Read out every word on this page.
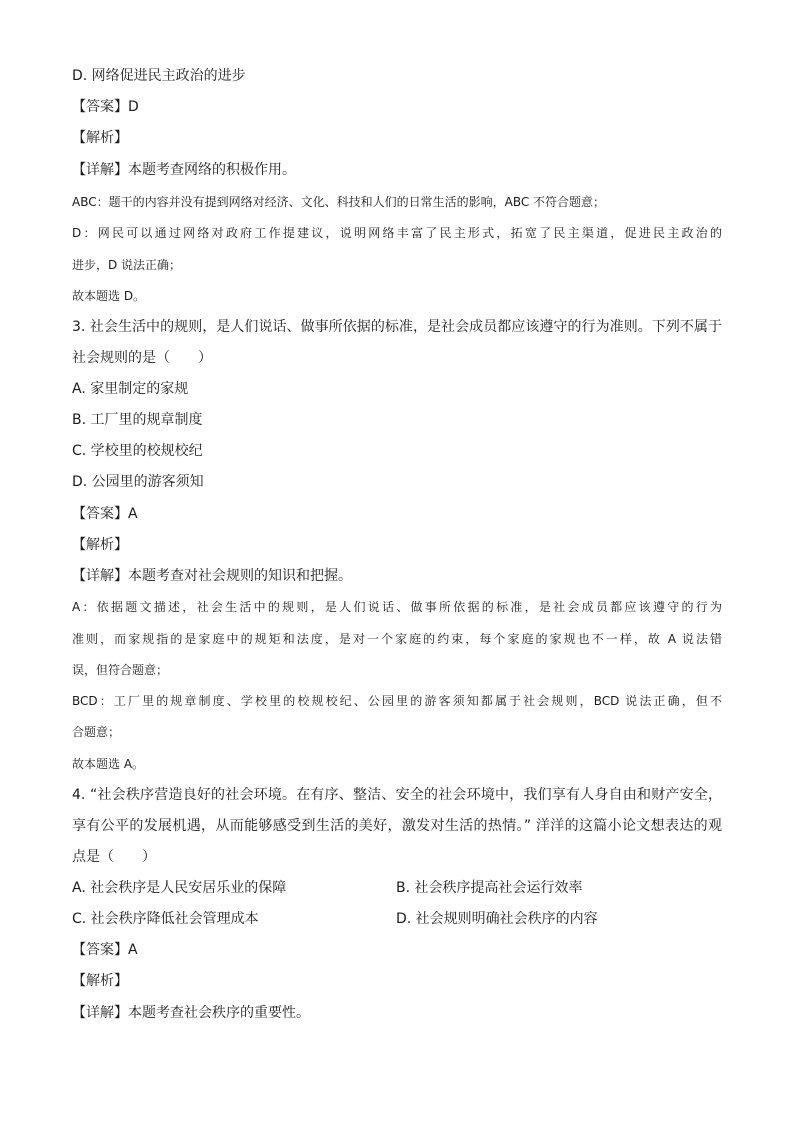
D. 网络促进民主政治的进步
【答案】D
【解析】
【详解】本题考查网络的积极作用。
ABC：题干的内容并没有提到网络对经济、文化、科技和人们的日常生活的影响，ABC 不符合题意；
D：网民可以通过网络对政府工作提建议，说明网络丰富了民主形式，拓宽了民主渠道，促进民主政治的
进步，D 说法正确；
故本题选 D。
3. 社会生活中的规则，是人们说话、做事所依据的标准，是社会成员都应该遵守的行为准则。下列不属于
社会规则的是（　　）
A. 家里制定的家规
B. 工厂里的规章制度
C. 学校里的校规校纪
D. 公园里的游客须知
【答案】A
【解析】
【详解】本题考查对社会规则的知识和把握。
A：依据题文描述，社会生活中的规则，是人们说话、做事所依据的标准，是社会成员都应该遵守的行为
准则，而家规指的是家庭中的规矩和法度，是对一个家庭的约束，每个家庭的家规也不一样，故 A 说法错
误，但符合题意；
BCD：工厂里的规章制度、学校里的校规校纪、公园里的游客须知都属于社会规则，BCD 说法正确，但不
合题意；
故本题选 A。
4. “社会秩序营造良好的社会环境。在有序、整洁、安全的社会环境中，我们享有人身自由和财产安全，
享有公平的发展机遇，从而能够感受到生活的美好，激发对生活的热情。” 洋洋的这篇小论文想表达的观
点是（　　）
A. 社会秩序是人民安居乐业的保障	B. 社会秩序提高社会运行效率
C. 社会秩序降低社会管理成本	D. 社会规则明确社会秩序的内容
【答案】A
【解析】
【详解】本题考查社会秩序的重要性。
